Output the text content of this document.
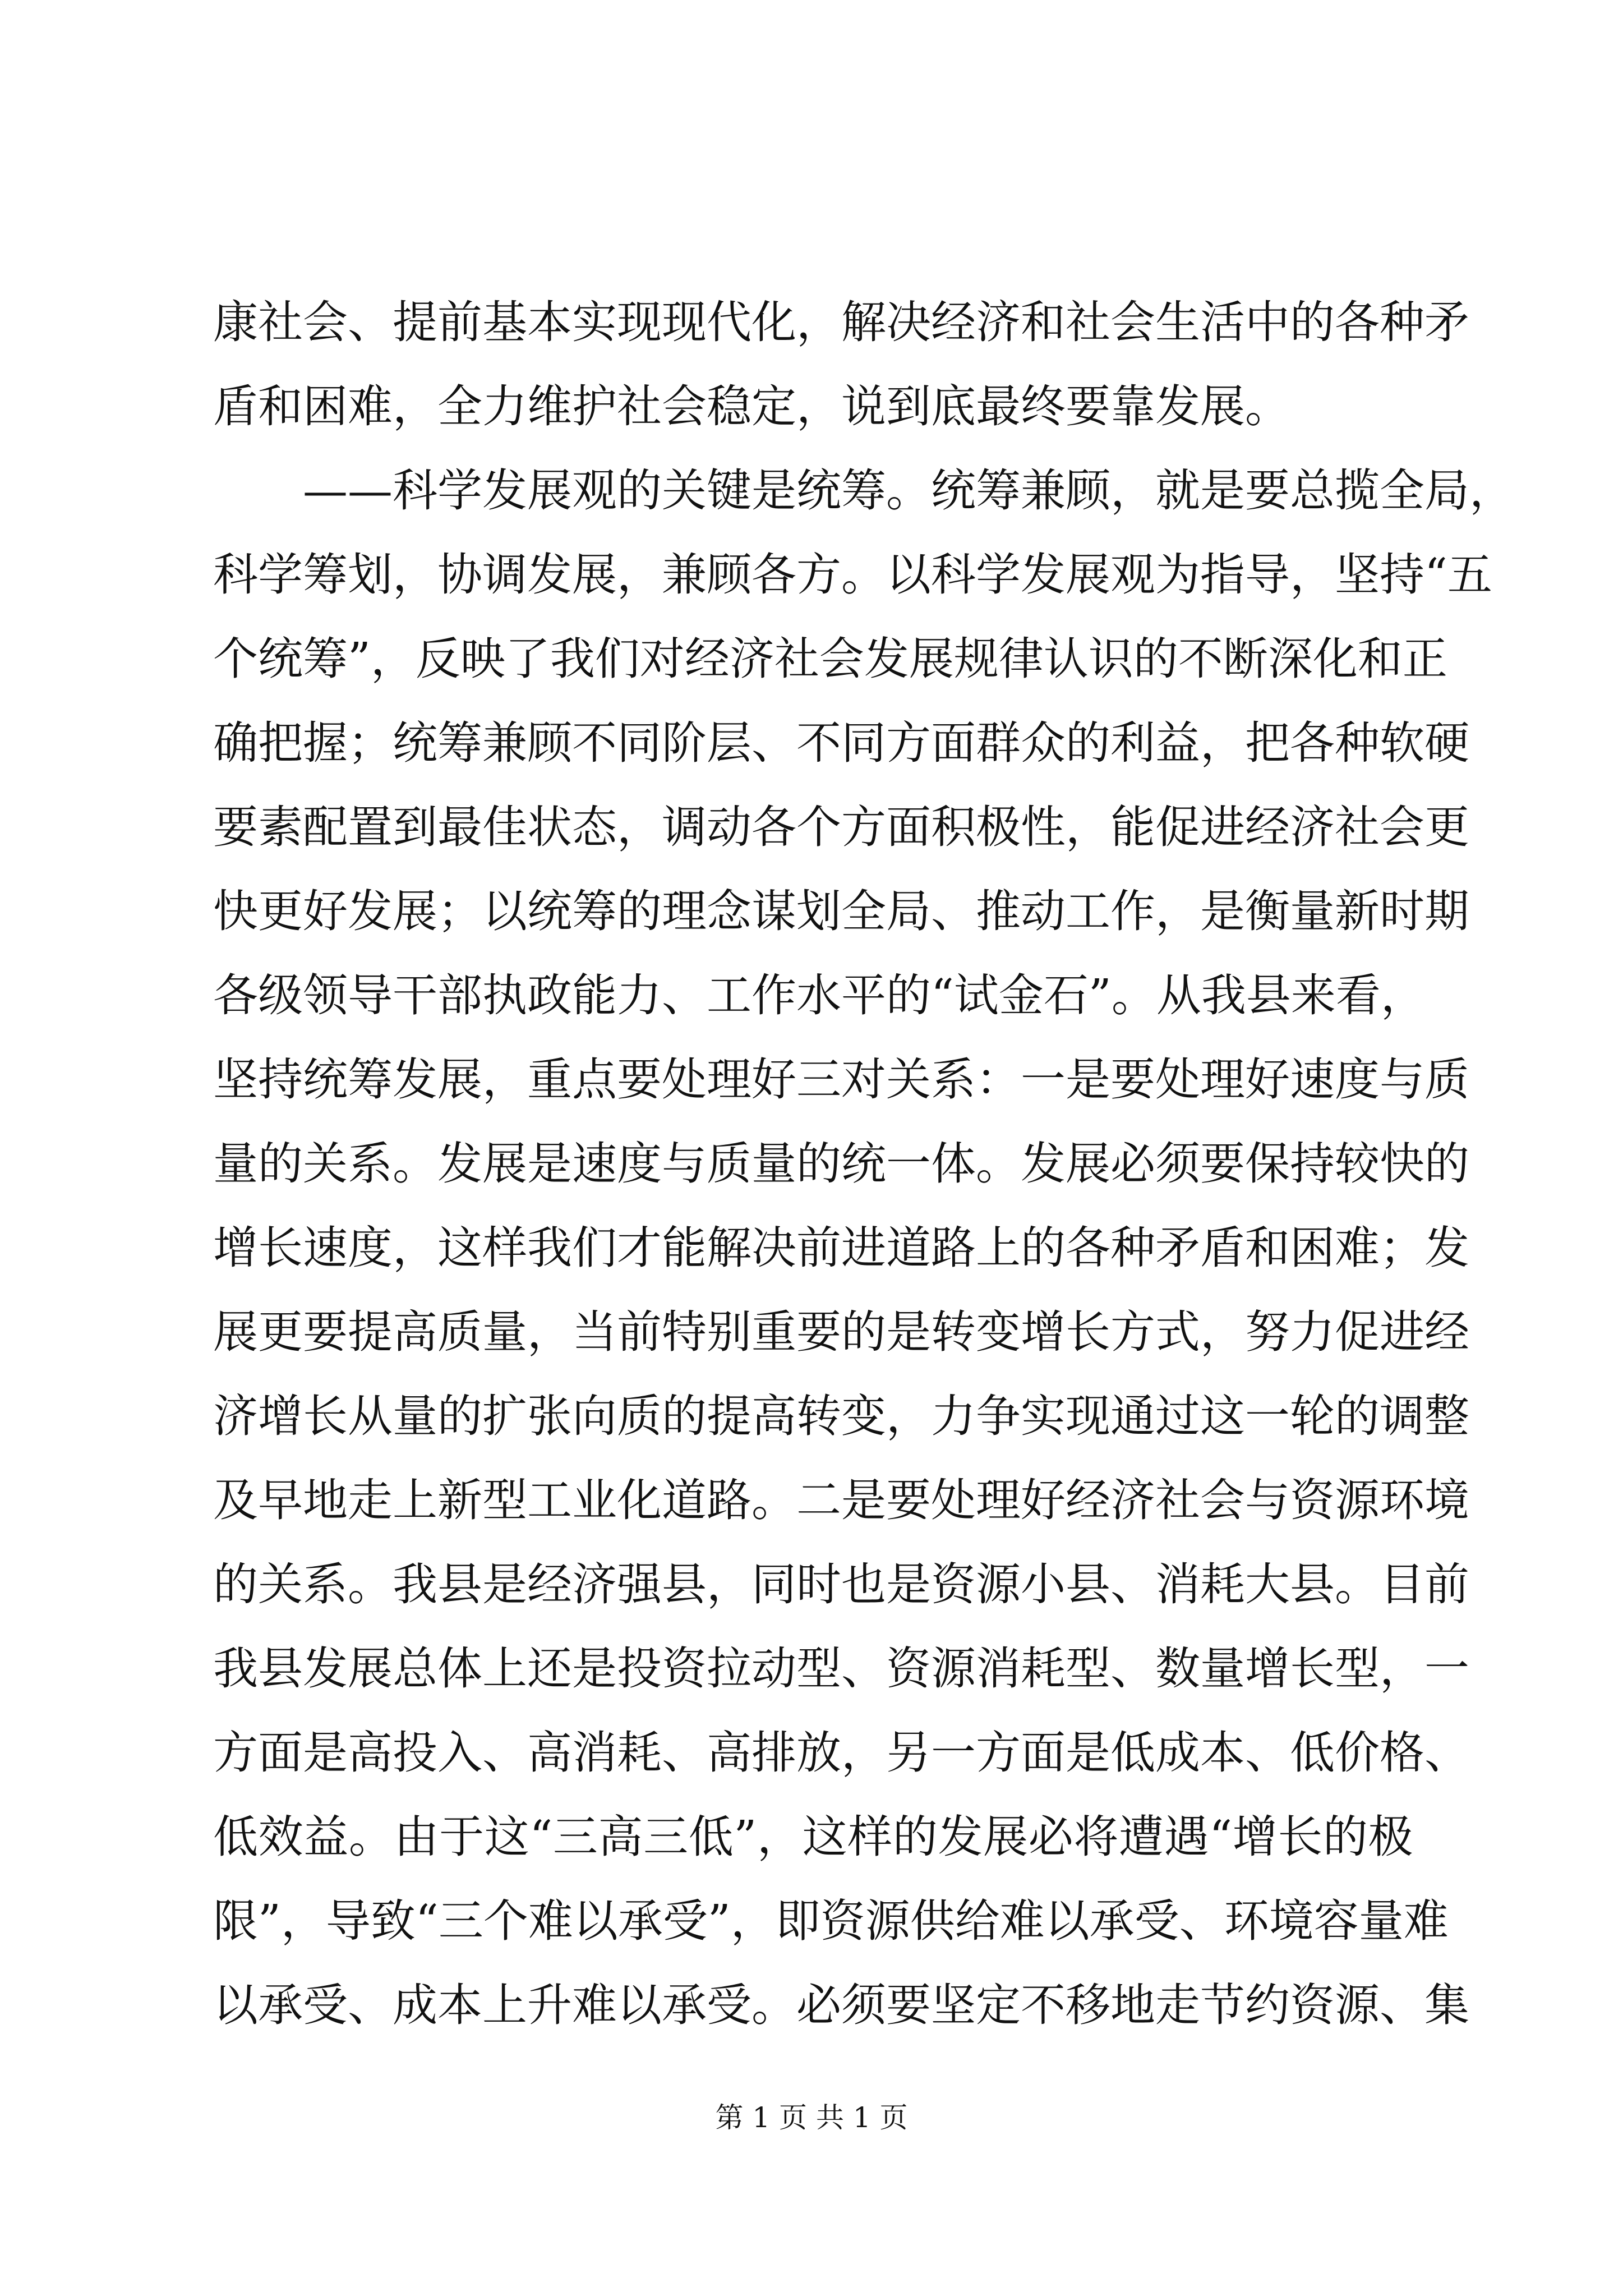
康 社 会 、 提 前 基 本 实 现 现 代 化 ， 解 决 经 济 和 社 会 生 活 中 的 各 种 矛
盾和困难，全力维护社会稳定，说到底最终要靠发展。
— — 科 学 发 展 观 的 关 键 是 统 筹 。 统 筹 兼 顾 ， 就 是 要 总 揽 全 局 ，
科 学 筹 划 ， 协 调 发 展 ， 兼 顾 各 方 。 以 科 学 发 展 观 为 指 导 ， 坚 持 “ 五
个 统 筹 ” ， 反 映 了 我 们 对 经 济 社 会 发 展 规 律 认 识 的 不 断 深 化 和 正
确 把 握 ； 统 筹 兼 顾 不 同 阶 层 、 不 同 方 面 群 众 的 利 益 ， 把 各 种 软 硬
要 素 配 置 到 最 佳 状 态 ， 调 动 各 个 方 面 积 极 性 ， 能 促 进 经 济 社 会 更
快 更 好 发 展 ； 以 统 筹 的 理 念 谋 划 全 局 、 推 动 工 作 ， 是 衡 量 新 时 期
各 级 领 导 干 部 执 政 能 力 、 工 作 水 平 的 “ 试 金 石 ” 。 从 我 县 来 看 ，
坚 持 统 筹 发 展 ， 重 点 要 处 理 好 三 对 关 系 ： 一 是 要 处 理 好 速 度 与 质
量 的 关 系 。 发 展 是 速 度 与 质 量 的 统 一 体 。 发 展 必 须 要 保 持 较 快 的
增 长 速 度 ， 这 样 我 们 才 能 解 决 前 进 道 路 上 的 各 种 矛 盾 和 困 难 ； 发
展 更 要 提 高 质 量 ， 当 前 特 别 重 要 的 是 转 变 增 长 方 式 ， 努 力 促 进 经
济 增 长 从 量 的 扩 张 向 质 的 提 高 转 变 ， 力 争 实 现 通 过 这 一 轮 的 调 整
及 早 地 走 上 新 型 工 业 化 道 路 。 二 是 要 处 理 好 经 济 社 会 与 资 源 环 境
的 关 系 。 我 县 是 经 济 强 县 ， 同 时 也 是 资 源 小 县 、 消 耗 大 县 。 目 前
我 县 发 展 总 体 上 还 是 投 资 拉 动 型 、 资 源 消 耗 型 、 数 量 增 长 型 ， 一
方 面 是 高 投 入 、 高 消 耗 、 高 排 放 ， 另 一 方 面 是 低 成 本 、 低 价 格 、
低 效 益 。 由 于 这 “ 三 高 三 低 ” ， 这 样 的 发 展 必 将 遭 遇 “ 增 长 的 极
限 ” ， 导 致 “ 三 个 难 以 承 受 ” ， 即 资 源 供 给 难 以 承 受 、 环 境 容 量 难
以 承 受 、 成 本 上 升 难 以 承 受 。 必 须 要 坚 定 不 移 地 走 节 约 资 源 、 集
第 1 页 共 1 页
